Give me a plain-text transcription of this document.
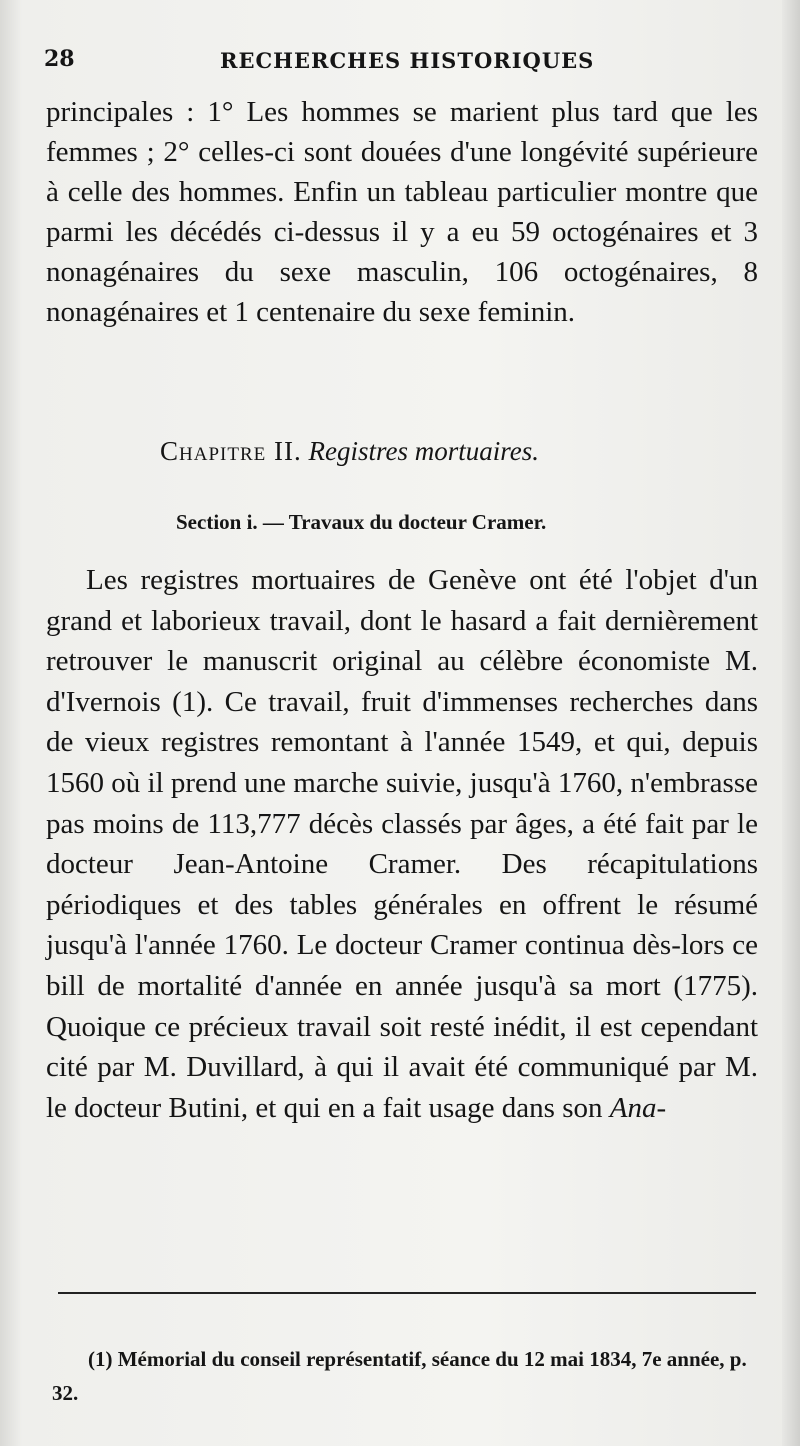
28	RECHERCHES HISTORIQUES

principales : 1° Les hommes se marient plus tard que les femmes ; 2° celles-ci sont douées d'une longévité supérieure à celle des hommes. Enfin un tableau particulier montre que parmi les décédés ci-dessus il y a eu 59 octogénaires et 3 nonagénaires du sexe masculin, 106 octogénaires, 8 nonagénaires et 1 centenaire du sexe feminin.

Chapitre II. Registres mortuaires.
Section i. — Travaux du docteur Cramer.

Les registres mortuaires de Genève ont été l'objet d'un grand et laborieux travail, dont le hasard a fait dernièrement retrouver le manuscrit original au célèbre économiste M. d'Ivernois (1). Ce travail, fruit d'immenses recherches dans de vieux registres remontant à l'année 1549, et qui, depuis 1560 où il prend une marche suivie, jusqu'à 1760, n'embrasse pas moins de 113,777 décès classés par âges, a été fait par le docteur Jean-Antoine Cramer. Des récapitulations périodiques et des tables générales en offrent le résumé jusqu'à l'année 1760. Le docteur Cramer continua dès-lors ce bill de mortalité d'année en année jusqu'à sa mort (1775). Quoique ce précieux travail soit resté inédit, il est cependant cité par M. Duvillard, à qui il avait été communiqué par M. le docteur Butini, et qui en a fait usage dans son Ana-

(1) Mémorial du conseil représentatif, séance du 12 mai 1834, 7e année, p. 32.
